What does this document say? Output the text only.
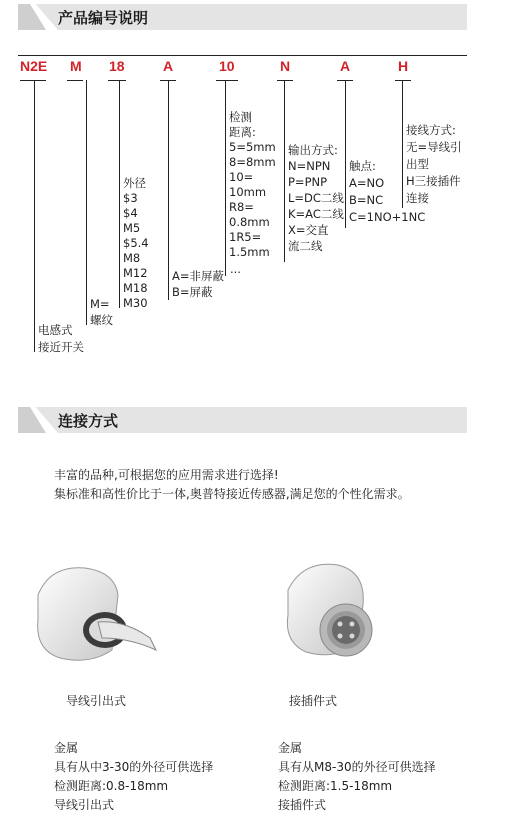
产品编号说明
N2E M 18	A	10	N	A	H
电感式
接近开关
M=
螺纹
外径
$3
$4
M5
$5.4
M8
M12
M18
M30
A=非屏蔽
B=屏蔽
检测
距离:
5=5mm
8=8mm
10=
10mm
R8=
0.8mm
1R5=
1.5mm
...
输出方式:
N=NPN
P=PNP
L=DC二线
K=AC二线
X=交直
流二线
触点:
A=NO
B=NC
C=1NO+1NC
接线方式:
无=导线引
出型
H三接插件
连接
连接方式
丰富的品种,可根据您的应用需求进行选择!
集标准和高性价比于一体,奥普特接近传感器,满足您的个性化需求。
导线引出式	接插件式
金属
具有从中3-30的外径可供选择
检测距离:0.8-18mm
导线引出式
金属
具有从M8-30的外径可供选择
检测距离:1.5-18mm
接插件式
